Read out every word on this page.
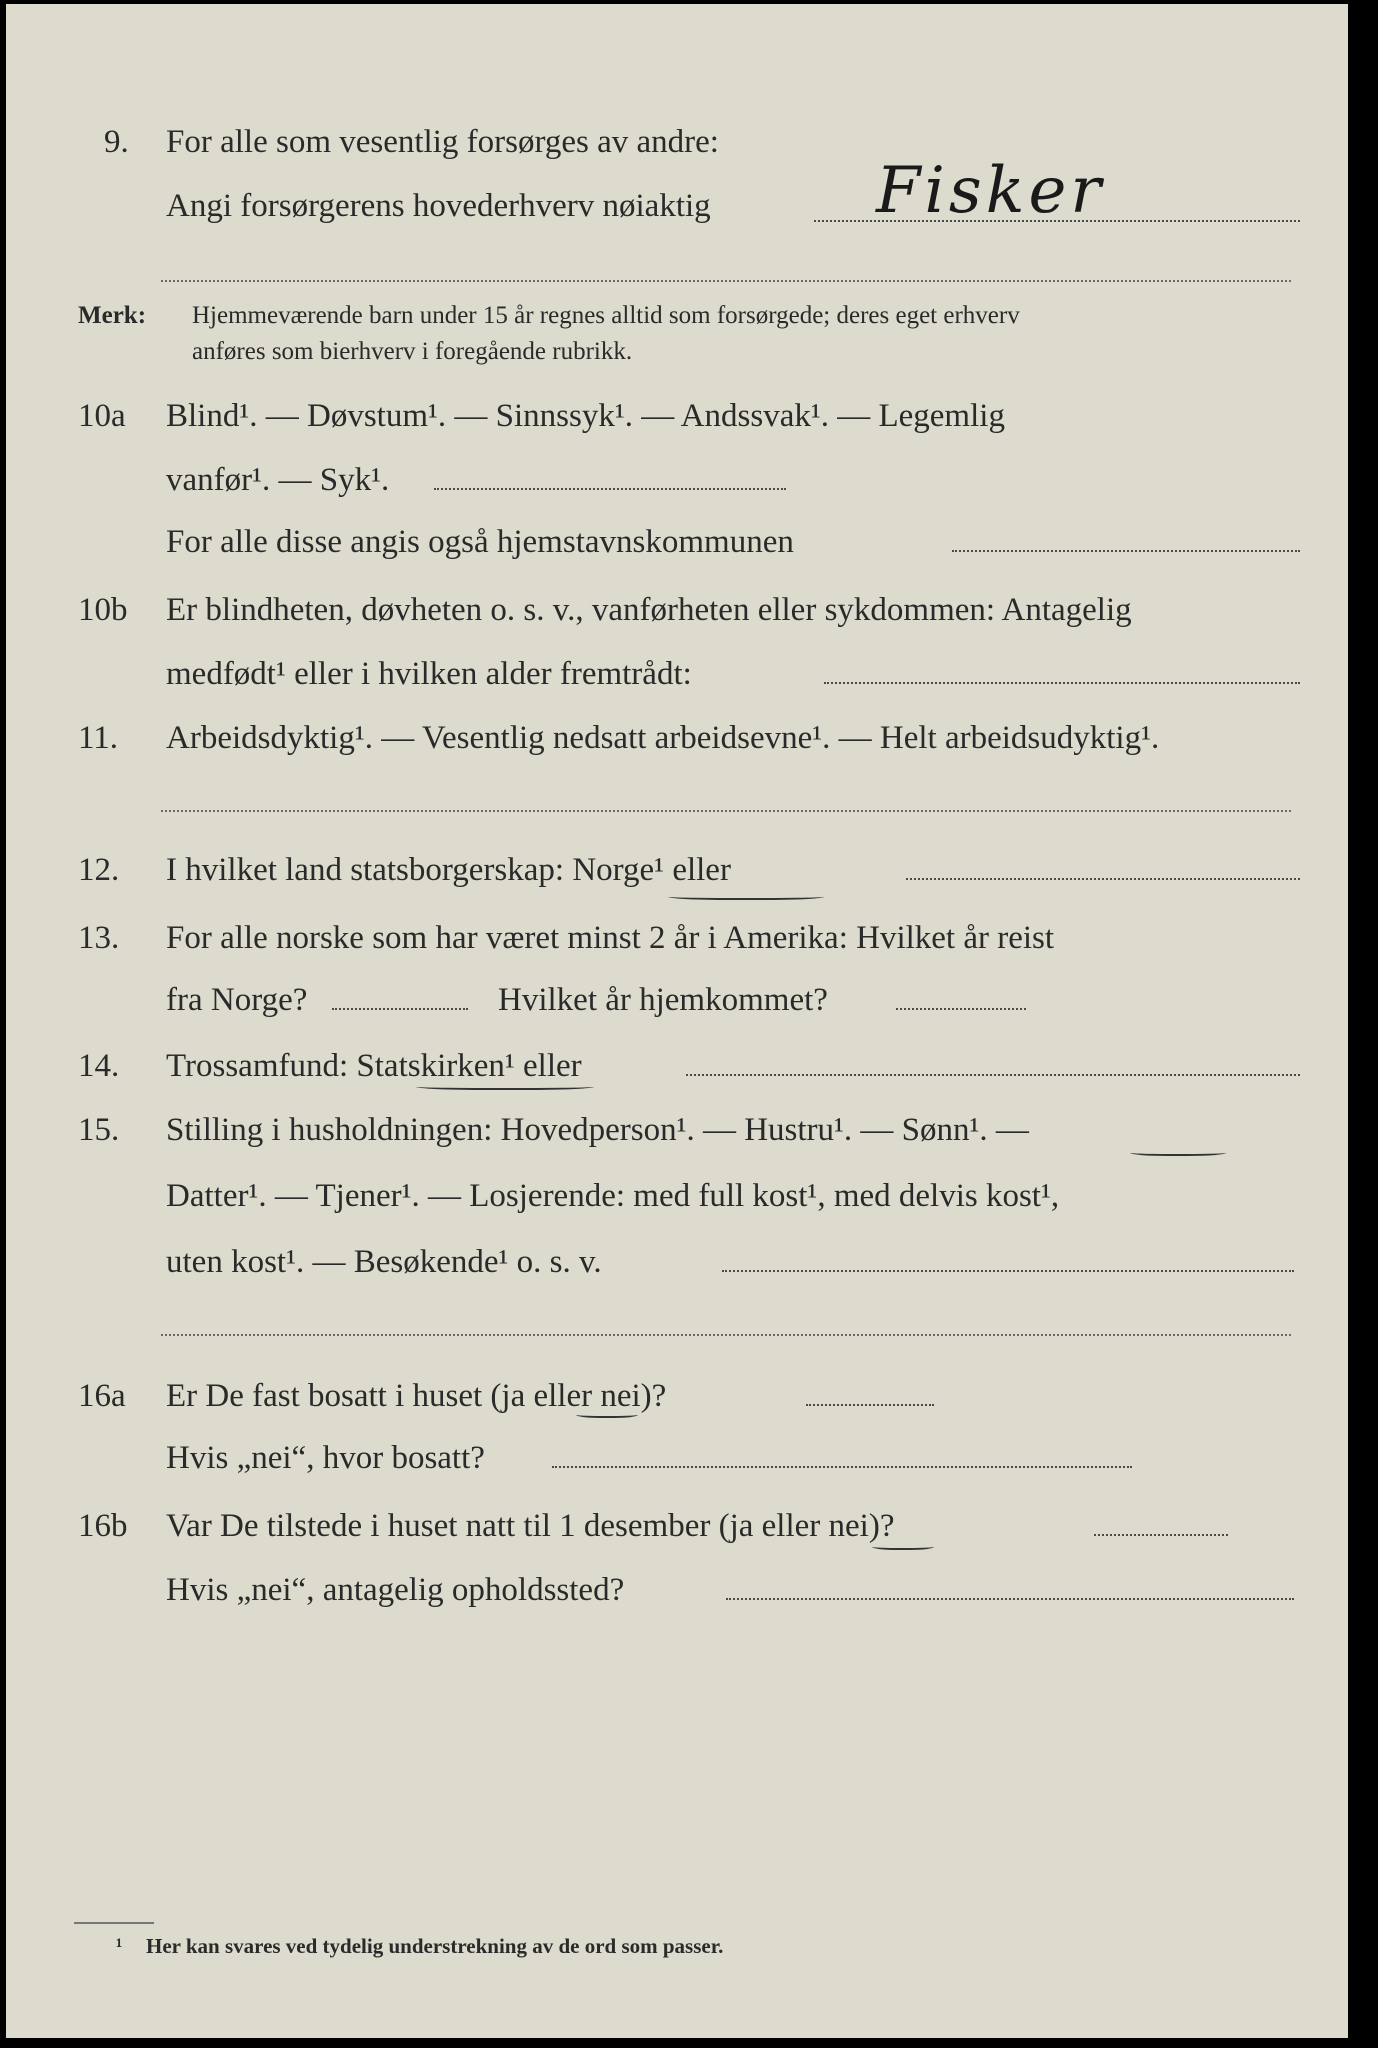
9. For alle som vesentlig forsørges av andre:
Angi forsørgerens hovederhverv nøiaktig	Fisker
Merk: Hjemmeværende barn under 15 år regnes alltid som forsørgede; deres eget erhverv
anføres som bierhverv i foregående rubrikk.
10a Blind¹. — Døvstum¹. — Sinnssyk¹. — Andssvak¹. — Legemlig
vanfør¹. — Syk¹.
For alle disse angis også hjemstavnskommunen
10b Er blindheten, døvheten o. s. v., vanførheten eller sykdommen: Antagelig
medfødt¹ eller i hvilken alder fremtrådt:
11. Arbeidsdyktig¹. — Vesentlig nedsatt arbeidsevne¹. — Helt arbeidsudyktig¹.
12. I hvilket land statsborgerskap: Norge¹ eller
13. For alle norske som har været minst 2 år i Amerika: Hvilket år reist
fra Norge?	Hvilket år hjemkommet?
14. Trossamfund: Statskirken¹ eller
15. Stilling i husholdningen: Hovedperson¹. — Hustru¹. — Sønn¹. —
Datter¹. — Tjener¹. — Losjerende: med full kost¹, med delvis kost¹,
uten kost¹. — Besøkende¹ o. s. v.
16a Er De fast bosatt i huset (ja eller nei)?
Hvis „nei“, hvor bosatt?
16b Var De tilstede i huset natt til 1 desember (ja eller nei)?
Hvis „nei“, antagelig opholdssted?
¹ Her kan svares ved tydelig understrekning av de ord som passer.
